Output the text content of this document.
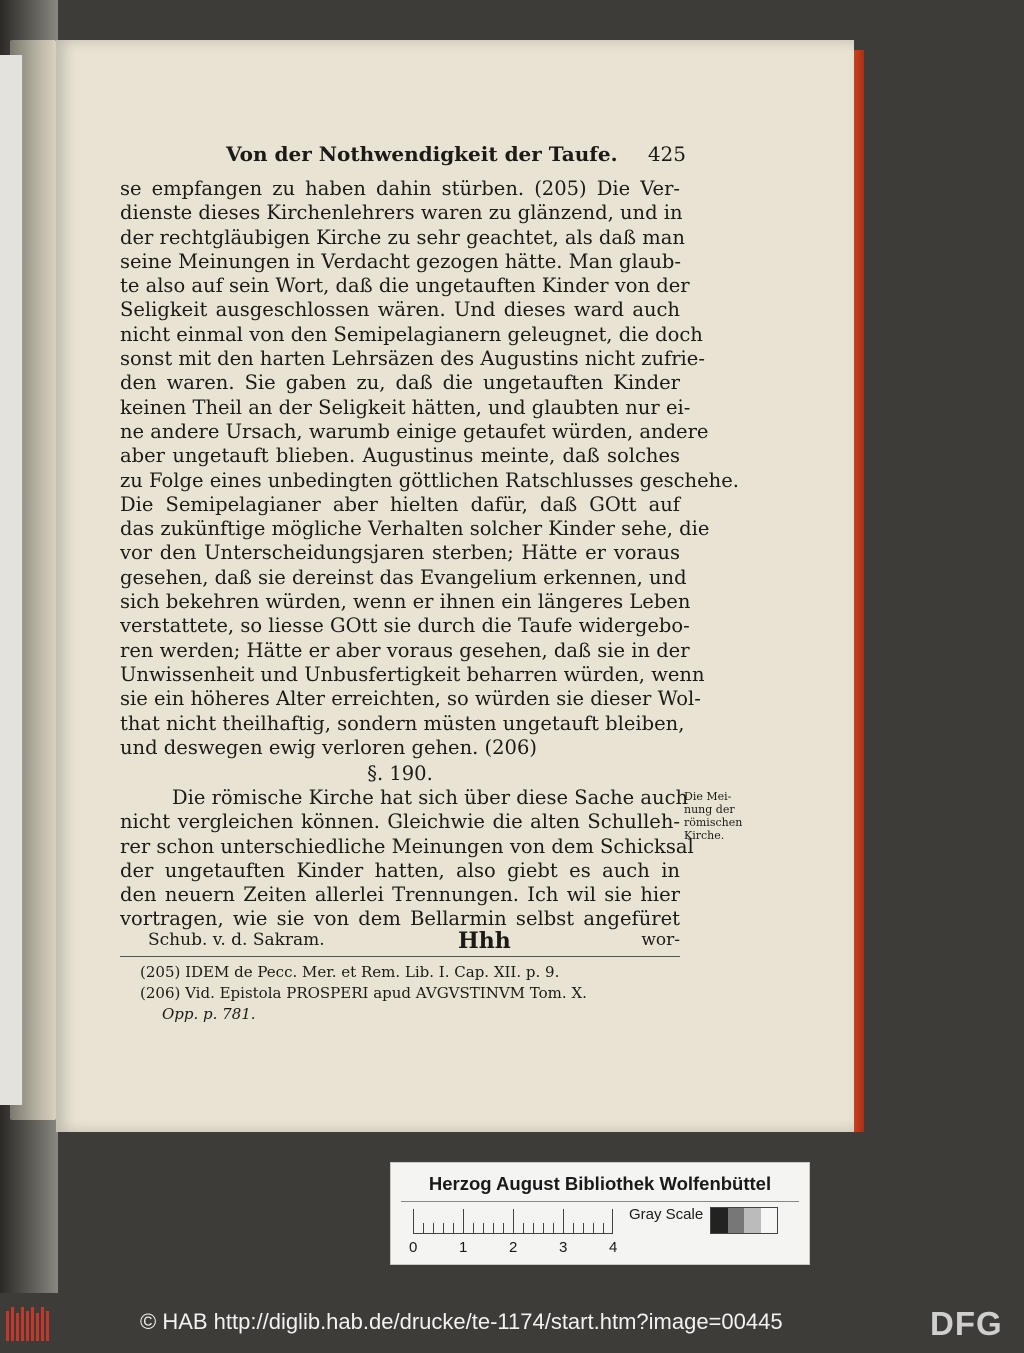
Von der Nothwendigkeit der Taufe. 425
se empfangen zu haben dahin stürben. (205) Die Ver-
dienste dieses Kirchenlehrers waren zu glänzend, und in
der rechtgläubigen Kirche zu sehr geachtet, als daß man
seine Meinungen in Verdacht gezogen hätte. Man glaub-
te also auf sein Wort, daß die ungetauften Kinder von der
Seligkeit ausgeschlossen wären. Und dieses ward auch
nicht einmal von den Semipelagianern geleugnet, die doch
sonst mit den harten Lehrsäzen des Augustins nicht zufrie-
den waren. Sie gaben zu, daß die ungetauften Kinder
keinen Theil an der Seligkeit hätten, und glaubten nur ei-
ne andere Ursach, warumb einige getaufet würden, andere
aber ungetauft blieben. Augustinus meinte, daß solches
zu Folge eines unbedingten göttlichen Ratschlusses geschehe.
Die Semipelagianer aber hielten dafür, daß GOtt auf
das zukünftige mögliche Verhalten solcher Kinder sehe, die
vor den Unterscheidungsjaren sterben; Hätte er voraus
gesehen, daß sie dereinst das Evangelium erkennen, und
sich bekehren würden, wenn er ihnen ein längeres Leben
verstattete, so liesse GOtt sie durch die Taufe widergebo-
ren werden; Hätte er aber voraus gesehen, daß sie in der
Unwissenheit und Unbusfertigkeit beharren würden, wenn
sie ein höheres Alter erreichten, so würden sie dieser Wol-
that nicht theilhaftig, sondern müsten ungetauft bleiben,
und deswegen ewig verloren gehen. (206)
§. 190.
Die römische Kirche hat sich über diese Sache auch
nicht vergleichen können. Gleichwie die alten Schulleh-
rer schon unterschiedliche Meinungen von dem Schicksal
der ungetauften Kinder hatten, also giebt es auch in
den neuern Zeiten allerlei Trennungen. Ich wil sie hier
vortragen, wie sie von dem Bellarmin selbst angefüret
Die Mei-
nung der
römischen
Kirche.
Schub. v. d. Sakram.	Hhh	wor-
(205) IDEM de Pecc. Mer. et Rem. Lib. I. Cap. XII. p. 9.
(206) Vid. Epistola PROSPERI apud AVGVSTINVM Tom. X.
Opp. p. 781.
Herzog August Bibliothek Wolfenbüttel
0	1	2	3	4
Gray Scale
© HAB http://diglib.hab.de/drucke/te-1174/start.htm?image=00445	DFG
